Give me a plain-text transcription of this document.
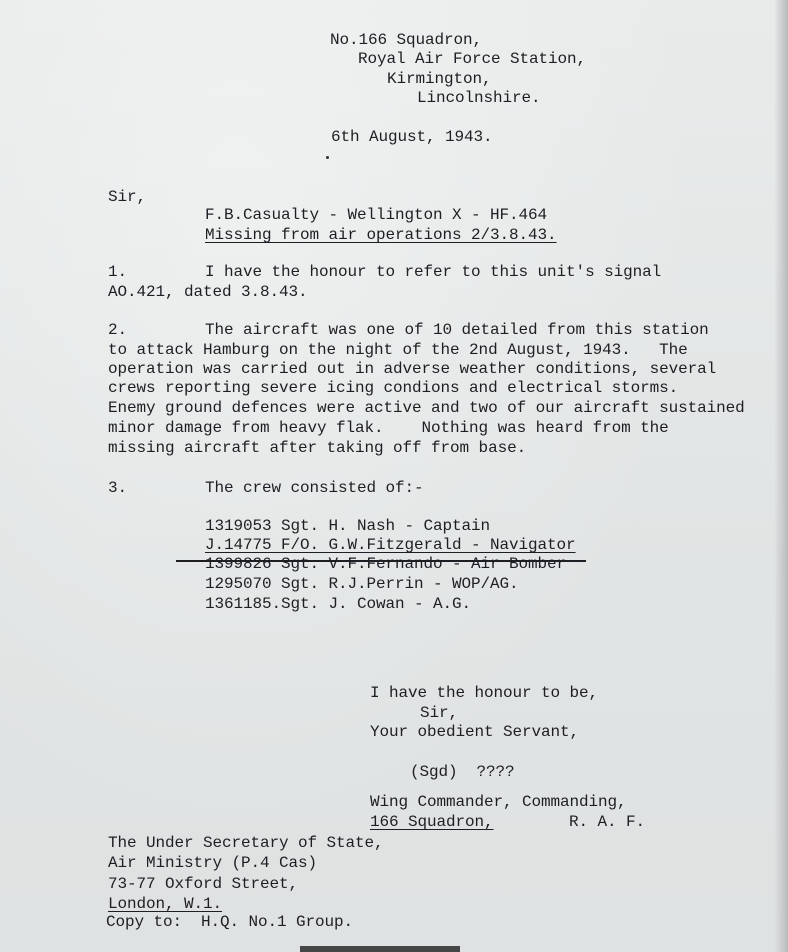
No.166 Squadron,
Royal Air Force Station,
Kirmington,
Lincolnshire.
6th August, 1943.
Sir,
F.B.Casualty - Wellington X - HF.464
Missing from air operations 2/3.8.43.
1.	I have the honour to refer to this unit's signal
AO.421, dated 3.8.43.
2.	The aircraft was one of 10 detailed from this station
to attack Hamburg on the night of the 2nd August, 1943.   The
operation was carried out in adverse weather conditions, several
crews reporting severe icing condions and electrical storms.
Enemy ground defences were active and two of our aircraft sustained
minor damage from heavy flak.    Nothing was heard from the
missing aircraft after taking off from base.
3.	The crew consisted of:-
1319053 Sgt. H. Nash - Captain
J.14775 F/O. G.W.Fitzgerald - Navigator
1399826 Sgt. V.F.Fernando - Air Bomber
1295070 Sgt. R.J.Perrin - WOP/AG.
1361185.Sgt. J. Cowan - A.G.
I have the honour to be,
Sir,
Your obedient Servant,
(Sgd)  ????
Wing Commander, Commanding,
166 Squadron,	R. A. F.
The Under Secretary of State,
Air Ministry (P.4 Cas)
73-77 Oxford Street,
London, W.1.
Copy to:  H.Q. No.1 Group.
